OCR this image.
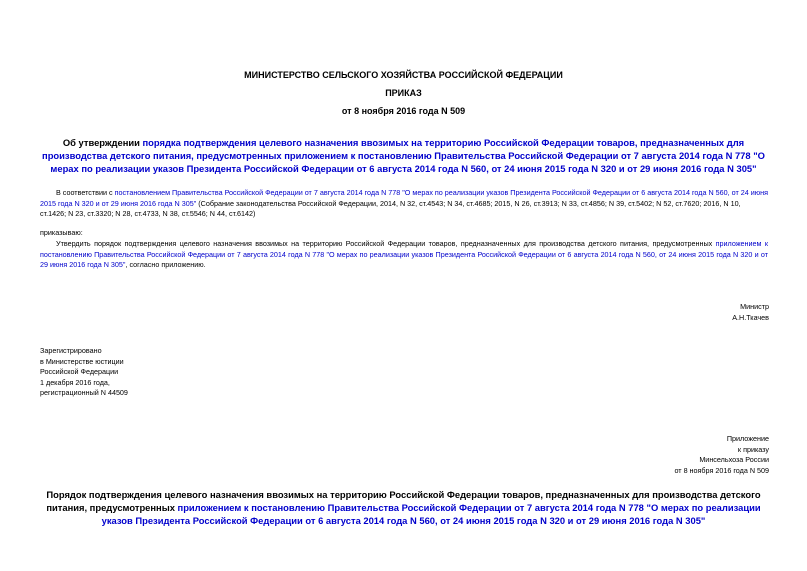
МИНИСТЕРСТВО СЕЛЬСКОГО ХОЗЯЙСТВА РОССИЙСКОЙ ФЕДЕРАЦИИ
ПРИКАЗ
от 8 ноября 2016 года N 509
Об утверждении порядка подтверждения целевого назначения ввозимых на территорию Российской Федерации товаров, предназначенных для производства детского питания, предусмотренных приложением к постановлению Правительства Российской Федерации от 7 августа 2014 года N 778 "О мерах по реализации указов Президента Российской Федерации от 6 августа 2014 года N 560, от 24 июня 2015 года N 320 и от 29 июня 2016 года N 305"
В соответствии с постановлением Правительства Российской Федерации от 7 августа 2014 года N 778 "О мерах по реализации указов Президента Российской Федерации от 6 августа 2014 года N 560, от 24 июня 2015 года N 320 и от 29 июня 2016 года N 305" (Собрание законодательства Российской Федерации, 2014, N 32, ст.4543; N 34, ст.4685; 2015, N 26, ст.3913; N 33, ст.4856; N 39, ст.5402; N 52, ст.7620; 2016, N 10, ст.1426; N 23, ст.3320; N 28, ст.4733, N 38, ст.5546; N 44, ст.6142)
приказываю:
Утвердить порядок подтверждения целевого назначения ввозимых на территорию Российской Федерации товаров, предназначенных для производства детского питания, предусмотренных приложением к постановлению Правительства Российской Федерации от 7 августа 2014 года N 778 "О мерах по реализации указов Президента Российской Федерации от 6 августа 2014 года N 560, от 24 июня 2015 года N 320 и от 29 июня 2016 года N 305", согласно приложению.
Министр
А.Н.Ткачев
Зарегистрировано
в Министерстве юстиции
Российской Федерации
1 декабря 2016 года,
регистрационный N 44509
Приложение
к приказу
Минсельхоза России
от 8 ноября 2016 года N 509
Порядок подтверждения целевого назначения ввозимых на территорию Российской Федерации товаров, предназначенных для производства детского питания, предусмотренных приложением к постановлению Правительства Российской Федерации от 7 августа 2014 года N 778 "О мерах по реализации указов Президента Российской Федерации от 6 августа 2014 года N 560, от 24 июня 2015 года N 320 и от 29 июня 2016 года N 305"
